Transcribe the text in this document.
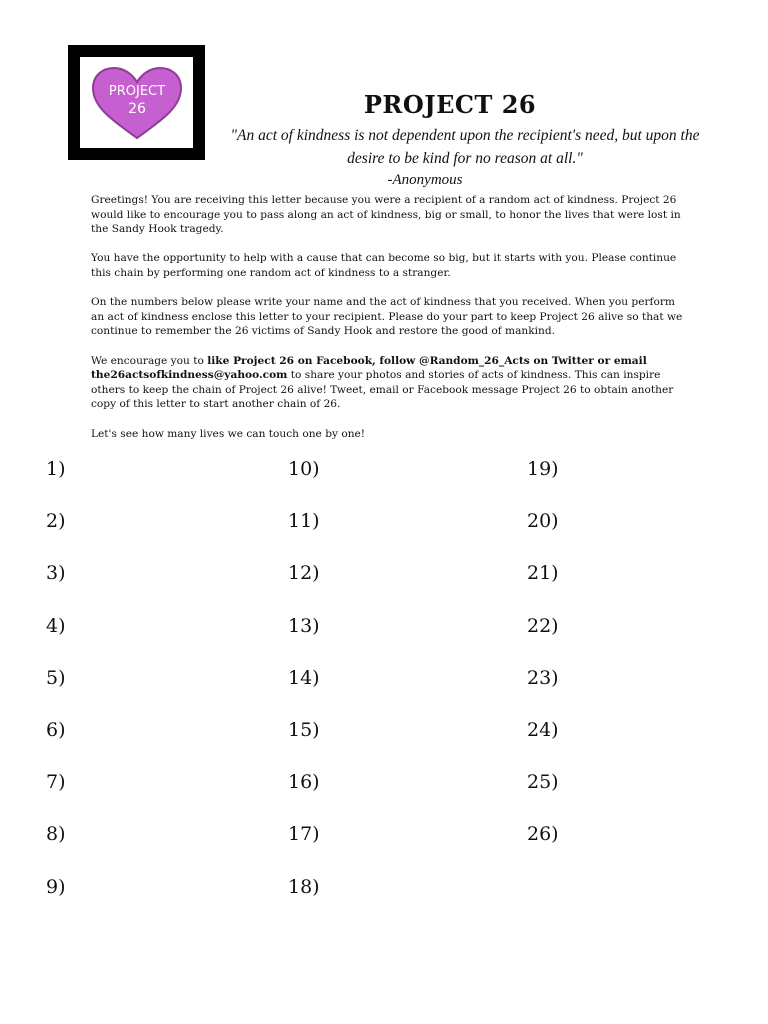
PROJECT
26	PROJECT 26
"An act of kindness is not dependent upon the recipient's need, but upon the desire to be kind for no reason at all."
-Anonymous

Greetings! You are receiving this letter because you were a recipient of a random act of kindness. Project 26 would like to encourage you to pass along an act of kindness, big or small, to honor the lives that were lost in the Sandy Hook tragedy.

You have the opportunity to help with a cause that can become so big, but it starts with you. Please continue this chain by performing one random act of kindness to a stranger.

On the numbers below please write your name and the act of kindness that you received. When you perform an act of kindness enclose this letter to your recipient. Please do your part to keep Project 26 alive so that we continue to remember the 26 victims of Sandy Hook and restore the good of mankind.

We encourage you to like Project 26 on Facebook, follow @Random_26_Acts on Twitter or email the26actsofkindness@yahoo.com to share your photos and stories of acts of kindness. This can inspire others to keep the chain of Project 26 alive! Tweet, email or Facebook message Project 26 to obtain another copy of this letter to start another chain of 26.

Let's see how many lives we can touch one by one!

1)
2)
3)
4)
5)
6)
7)
8)
9)
10)
11)
12)
13)
14)
15)
16)
17)
18)
19)
20)
21)
22)
23)
24)
25)
26)
